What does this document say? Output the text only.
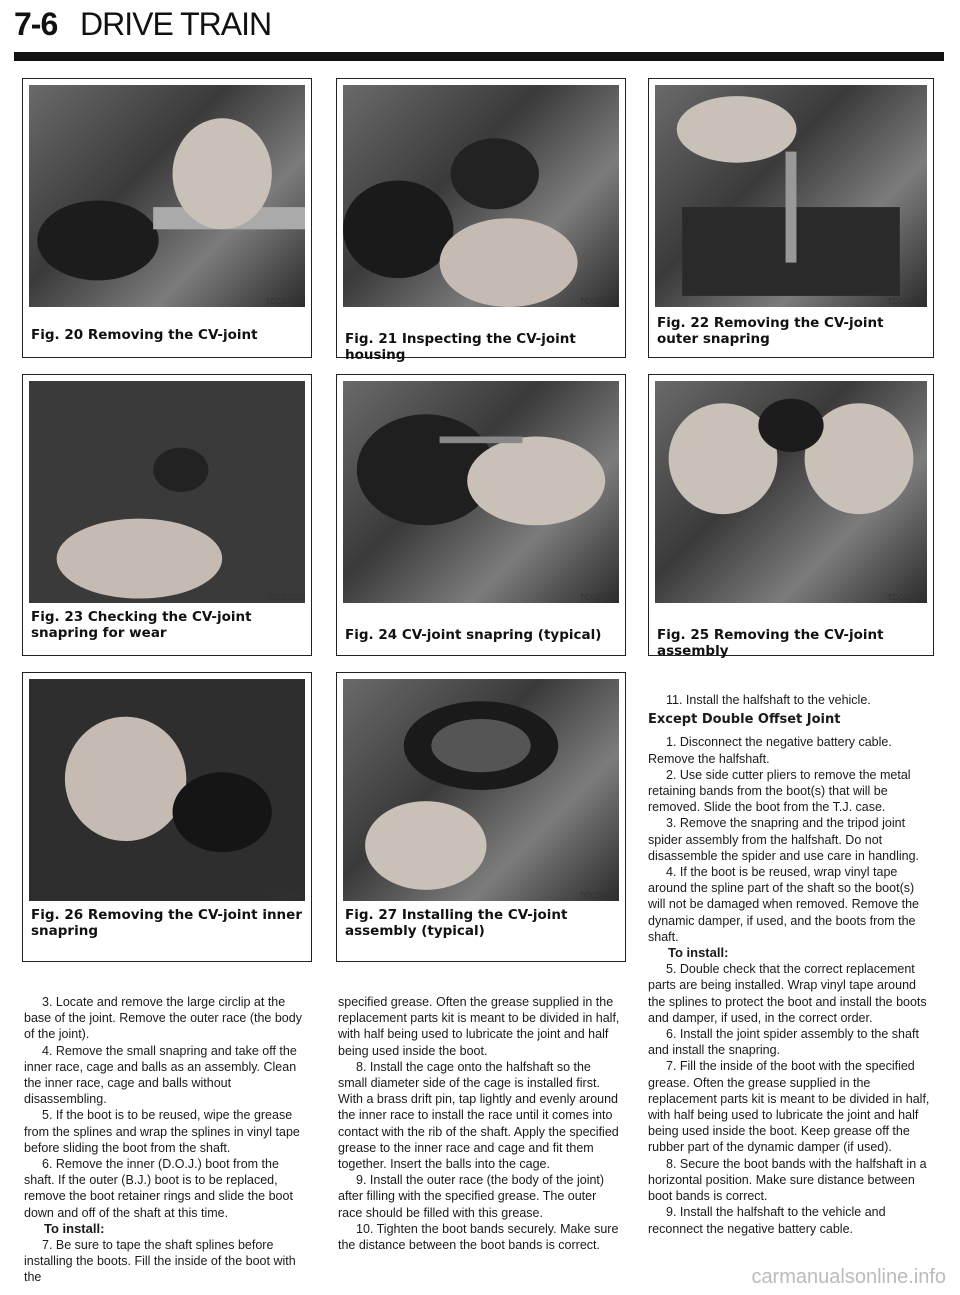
7-6 DRIVE TRAIN
TCCS7036
Fig. 20 Removing the CV-joint
TCCS7037
Fig. 21 Inspecting the CV-joint housing
TCCS7038
Fig. 22 Removing the CV-joint outer snapring
TCCS7039
Fig. 23 Checking the CV-joint snapring for wear
TCCS7040
Fig. 24 CV-joint snapring (typical)
TCCS7041
Fig. 25 Removing the CV-joint assembly
TCCS7042
Fig. 26 Removing the CV-joint inner snapring
TCCS7043
Fig. 27 Installing the CV-joint assembly (typical)

11. Install the halfshaft to the vehicle.

Except Double Offset Joint

1. Disconnect the negative battery cable. Remove the halfshaft.

2. Use side cutter pliers to remove the metal retaining bands from the boot(s) that will be removed. Slide the boot from the T.J. case.

3. Remove the snapring and the tripod joint spider assembly from the halfshaft. Do not disassemble the spider and use care in handling.

4. If the boot is be reused, wrap vinyl tape around the spline part of the shaft so the boot(s) will not be damaged when removed. Remove the dynamic damper, if used, and the boots from the shaft.

To install:

5. Double check that the correct replacement parts are being installed. Wrap vinyl tape around the splines to protect the boot and install the boots and damper, if used, in the correct order.

6. Install the joint spider assembly to the shaft and install the snapring.

7. Fill the inside of the boot with the specified grease. Often the grease supplied in the replacement parts kit is meant to be divided in half, with half being used to lubricate the joint and half being used inside the boot. Keep grease off the rubber part of the dynamic damper (if used).

8. Secure the boot bands with the halfshaft in a horizontal position. Make sure distance between boot bands is correct.

9. Install the halfshaft to the vehicle and reconnect the negative battery cable.

3. Locate and remove the large circlip at the base of the joint. Remove the outer race (the body of the joint).

4. Remove the small snapring and take off the inner race, cage and balls as an assembly. Clean the inner race, cage and balls without disassembling.

5. If the boot is to be reused, wipe the grease from the splines and wrap the splines in vinyl tape before sliding the boot from the shaft.

6. Remove the inner (D.O.J.) boot from the shaft. If the outer (B.J.) boot is to be replaced, remove the boot retainer rings and slide the boot down and off of the shaft at this time.

To install:

7. Be sure to tape the shaft splines before installing the boots. Fill the inside of the boot with the

specified grease. Often the grease supplied in the replacement parts kit is meant to be divided in half, with half being used to lubricate the joint and half being used inside the boot.

8. Install the cage onto the halfshaft so the small diameter side of the cage is installed first. With a brass drift pin, tap lightly and evenly around the inner race to install the race until it comes into contact with the rib of the shaft. Apply the specified grease to the inner race and cage and fit them together. Insert the balls into the cage.

9. Install the outer race (the body of the joint) after filling with the specified grease. The outer race should be filled with this grease.

10. Tighten the boot bands securely. Make sure the distance between the boot bands is correct.

carmanualsonline.info
